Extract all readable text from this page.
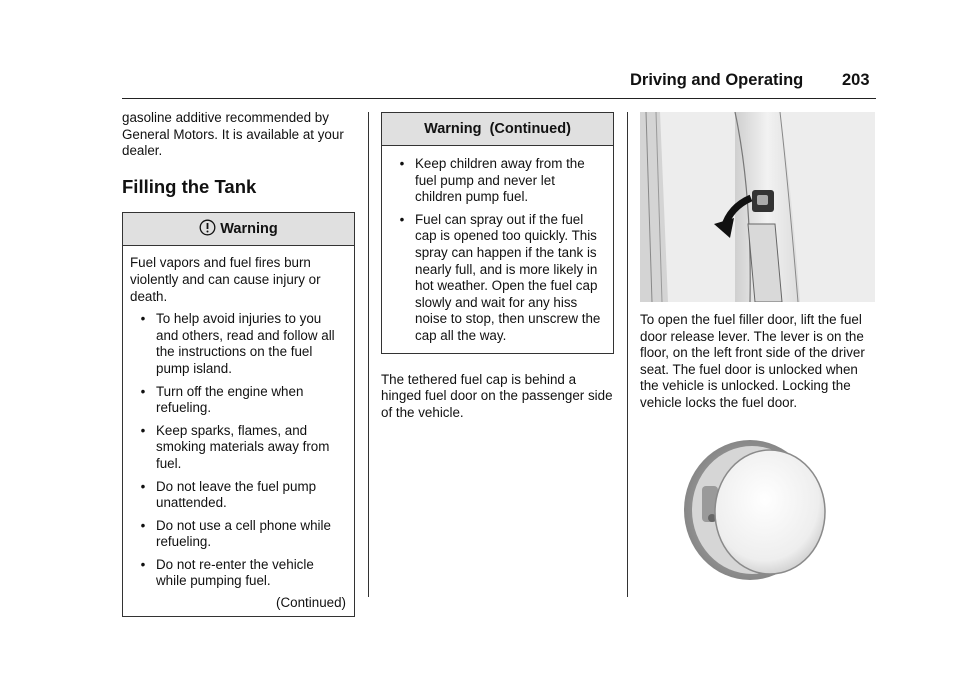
Driving and Operating 203

gasoline additive recommended by General Motors. It is available at your dealer.

Filling the Tank
Warning

Fuel vapors and fuel fires burn violently and can cause injury or death.

• To help avoid injuries to you and others, read and follow all the instructions on the fuel pump island.
• Turn off the engine when refueling.
• Keep sparks, flames, and smoking materials away from fuel.
• Do not leave the fuel pump unattended.
• Do not use a cell phone while refueling.
• Do not re-enter the vehicle while pumping fuel.
(Continued)
Warning  (Continued)
• Keep children away from the fuel pump and never let children pump fuel.
• Fuel can spray out if the fuel cap is opened too quickly. This spray can happen if the tank is nearly full, and is more likely in hot weather. Open the fuel cap slowly and wait for any hiss noise to stop, then unscrew the cap all the way.

The tethered fuel cap is behind a hinged fuel door on the passenger side of the vehicle.

To open the fuel filler door, lift the fuel door release lever. The lever is on the floor, on the left front side of the driver seat. The fuel door is unlocked when the vehicle is unlocked. Locking the vehicle locks the fuel door.
